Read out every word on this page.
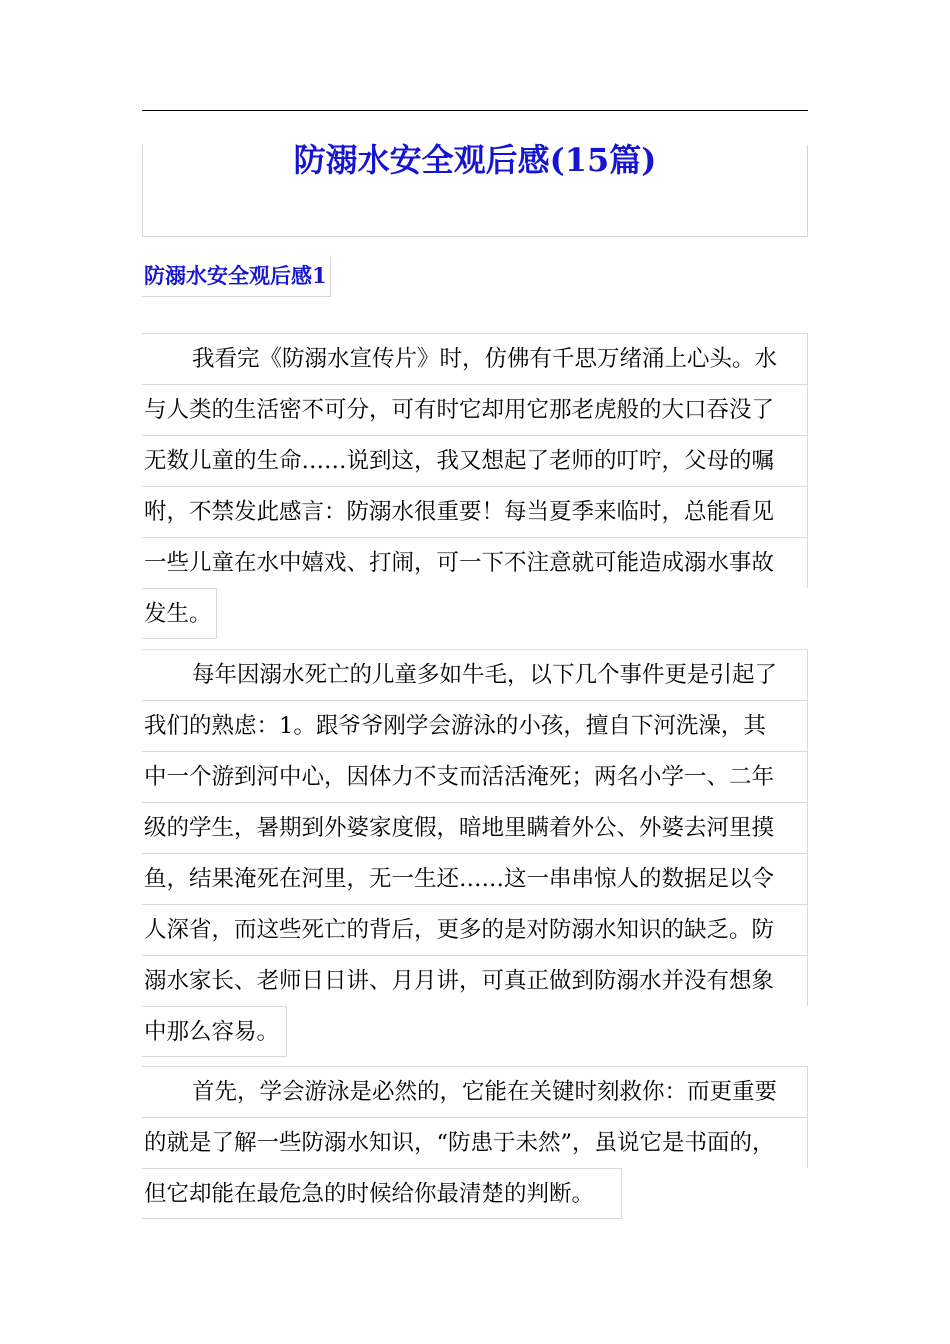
防溺水安全观后感(15篇)
防溺水安全观后感1
我看完《防溺水宣传片》时，仿佛有千思万绪涌上心头。水
与人类的生活密不可分，可有时它却用它那老虎般的大口吞没了
无数儿童的生命……说到这，我又想起了老师的叮咛，父母的嘱
咐，不禁发此感言：防溺水很重要！每当夏季来临时，总能看见
一些儿童在水中嬉戏、打闹，可一下不注意就可能造成溺水事故
发生。
每年因溺水死亡的儿童多如牛毛，以下几个事件更是引起了
我们的熟虑：1。跟爷爷刚学会游泳的小孩，擅自下河洗澡，其
中一个游到河中心，因体力不支而活活淹死；两名小学一、二年
级的学生，暑期到外婆家度假，暗地里瞒着外公、外婆去河里摸
鱼，结果淹死在河里，无一生还……这一串串惊人的数据足以令
人深省，而这些死亡的背后，更多的是对防溺水知识的缺乏。防
溺水家长、老师日日讲、月月讲，可真正做到防溺水并没有想象
中那么容易。
首先，学会游泳是必然的，它能在关键时刻救你：而更重要
的就是了解一些防溺水知识，“防患于未然”，虽说它是书面的，
但它却能在最危急的时候给你最清楚的判断。
